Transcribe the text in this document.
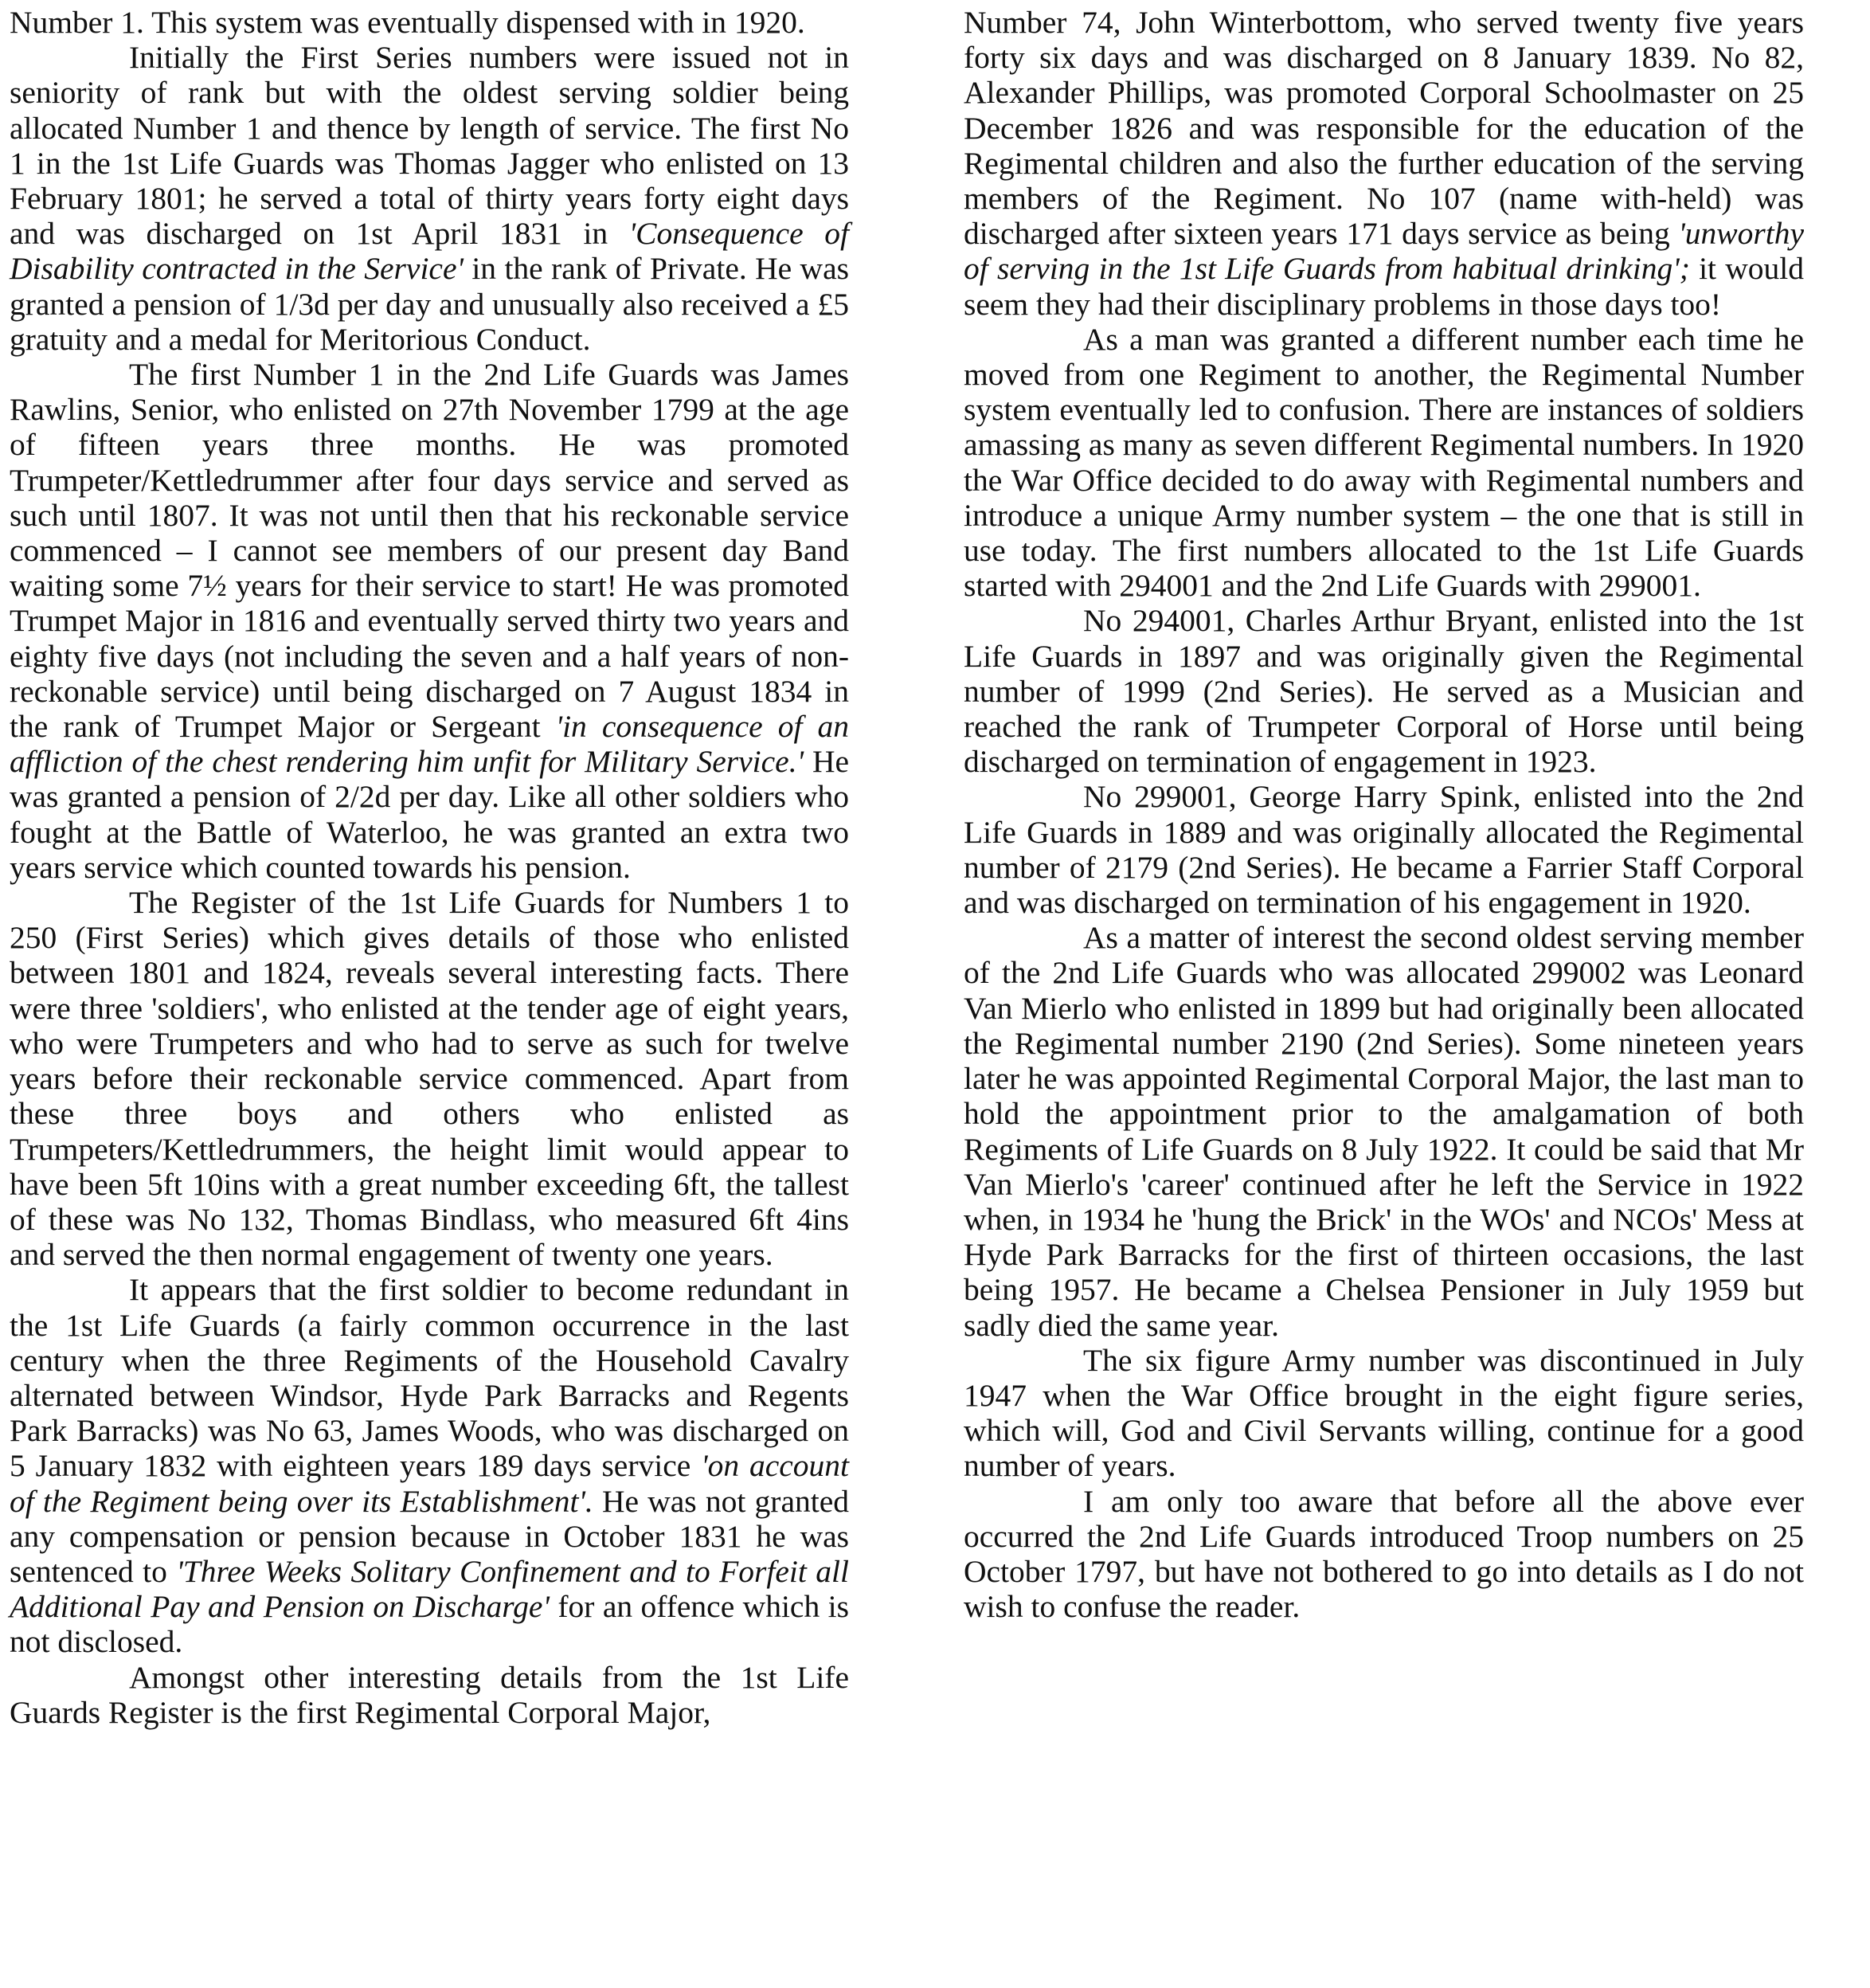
Number 1. This system was eventually dispensed with in 1920.

Initially the First Series numbers were issued not in seniority of rank but with the oldest serving soldier being allocated Number 1 and thence by length of service. The first No 1 in the 1st Life Guards was Thomas Jagger who enlisted on 13 February 1801; he served a total of thirty years forty eight days and was discharged on 1st April 1831 in 'Consequence of Disability contracted in the Service' in the rank of Private. He was granted a pension of 1/3d per day and unusually also received a £5 gratuity and a medal for Meritorious Conduct.

The first Number 1 in the 2nd Life Guards was James Rawlins, Senior, who enlisted on 27th November 1799 at the age of fifteen years three months. He was promoted Trumpeter/Kettledrummer after four days service and served as such until 1807. It was not until then that his reckonable service commenced – I cannot see members of our present day Band waiting some 7½ years for their service to start! He was promoted Trumpet Major in 1816 and eventually served thirty two years and eighty five days (not including the seven and a half years of non-reckonable service) until being discharged on 7 August 1834 in the rank of Trumpet Major or Sergeant 'in consequence of an affliction of the chest rendering him unfit for Military Service.' He was granted a pension of 2/2d per day. Like all other soldiers who fought at the Battle of Waterloo, he was granted an extra two years service which counted towards his pension.

The Register of the 1st Life Guards for Numbers 1 to 250 (First Series) which gives details of those who enlisted between 1801 and 1824, reveals several interesting facts. There were three 'soldiers', who enlisted at the tender age of eight years, who were Trumpeters and who had to serve as such for twelve years before their reckonable service commenced. Apart from these three boys and others who enlisted as Trumpeters/Kettledrummers, the height limit would appear to have been 5ft 10ins with a great number exceeding 6ft, the tallest of these was No 132, Thomas Bindlass, who measured 6ft 4ins and served the then normal engagement of twenty one years.

It appears that the first soldier to become redundant in the 1st Life Guards (a fairly common occurrence in the last century when the three Regiments of the Household Cavalry alternated between Windsor, Hyde Park Barracks and Regents Park Barracks) was No 63, James Woods, who was discharged on 5 January 1832 with eighteen years 189 days service 'on account of the Regiment being over its Establishment'. He was not granted any compensation or pension because in October 1831 he was sentenced to 'Three Weeks Solitary Confinement and to Forfeit all Additional Pay and Pension on Discharge' for an offence which is not disclosed.

Amongst other interesting details from the 1st Life Guards Register is the first Regimental Corporal Major,

Number 74, John Winterbottom, who served twenty five years forty six days and was discharged on 8 January 1839. No 82, Alexander Phillips, was promoted Corporal Schoolmaster on 25 December 1826 and was responsible for the education of the Regimental children and also the further education of the serving members of the Regiment. No 107 (name with-held) was discharged after sixteen years 171 days service as being 'unworthy of serving in the 1st Life Guards from habitual drinking'; it would seem they had their disciplinary problems in those days too!

As a man was granted a different number each time he moved from one Regiment to another, the Regimental Number system eventually led to confusion. There are instances of soldiers amassing as many as seven different Regimental numbers. In 1920 the War Office decided to do away with Regimental numbers and introduce a unique Army number system – the one that is still in use today. The first numbers allocated to the 1st Life Guards started with 294001 and the 2nd Life Guards with 299001.

No 294001, Charles Arthur Bryant, enlisted into the 1st Life Guards in 1897 and was originally given the Regimental number of 1999 (2nd Series). He served as a Musician and reached the rank of Trumpeter Corporal of Horse until being discharged on termination of engagement in 1923.

No 299001, George Harry Spink, enlisted into the 2nd Life Guards in 1889 and was originally allocated the Regimental number of 2179 (2nd Series). He became a Farrier Staff Corporal and was discharged on termination of his engagement in 1920.

As a matter of interest the second oldest serving member of the 2nd Life Guards who was allocated 299002 was Leonard Van Mierlo who enlisted in 1899 but had originally been allocated the Regimental number 2190 (2nd Series). Some nineteen years later he was appointed Regimental Corporal Major, the last man to hold the appointment prior to the amalgamation of both Regiments of Life Guards on 8 July 1922. It could be said that Mr Van Mierlo's 'career' continued after he left the Service in 1922 when, in 1934 he 'hung the Brick' in the WOs' and NCOs' Mess at Hyde Park Barracks for the first of thirteen occasions, the last being 1957. He became a Chelsea Pensioner in July 1959 but sadly died the same year.

The six figure Army number was discontinued in July 1947 when the War Office brought in the eight figure series, which will, God and Civil Servants willing, continue for a good number of years.

I am only too aware that before all the above ever occurred the 2nd Life Guards introduced Troop numbers on 25 October 1797, but have not bothered to go into details as I do not wish to confuse the reader.
